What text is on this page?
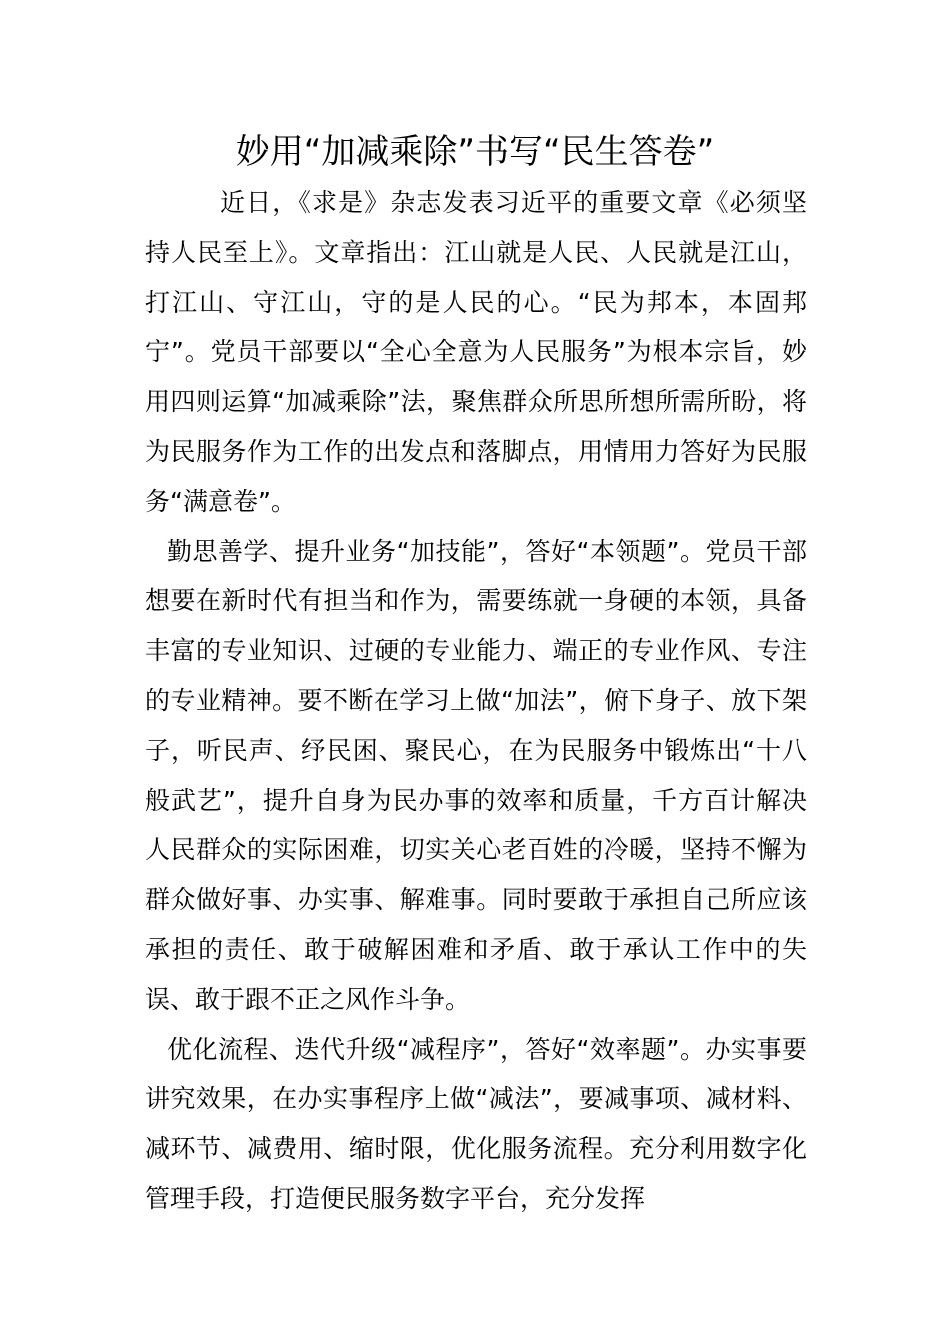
妙用“加减乘除”书写“民生答卷”

近日，《求是》杂志发表习近平的重要文章《必须坚持人民至上》。文章指出：江山就是人民、人民就是江山，打江山、守江山，守的是人民的心。“民为邦本，本固邦宁”。党员干部要以“全心全意为人民服务”为根本宗旨，妙用四则运算“加减乘除”法，聚焦群众所思所想所需所盼，将为民服务作为工作的出发点和落脚点，用情用力答好为民服务“满意卷”。

勤思善学、提升业务“加技能”，答好“本领题”。党员干部想要在新时代有担当和作为，需要练就一身硬的本领，具备丰富的专业知识、过硬的专业能力、端正的专业作风、专注的专业精神。要不断在学习上做“加法”，俯下身子、放下架子，听民声、纾民困、聚民心，在为民服务中锻炼出“十八般武艺”，提升自身为民办事的效率和质量，千方百计解决人民群众的实际困难，切实关心老百姓的冷暖，坚持不懈为群众做好事、办实事、解难事。同时要敢于承担自己所应该承担的责任、敢于破解困难和矛盾、敢于承认工作中的失误、敢于跟不正之风作斗争。

优化流程、迭代升级“减程序”，答好“效率题”。办实事要讲究效果，在办实事程序上做“减法”，要减事项、减材料、减环节、减费用、缩时限，优化服务流程。充分利用数字化管理手段，打造便民服务数字平台，充分发挥
